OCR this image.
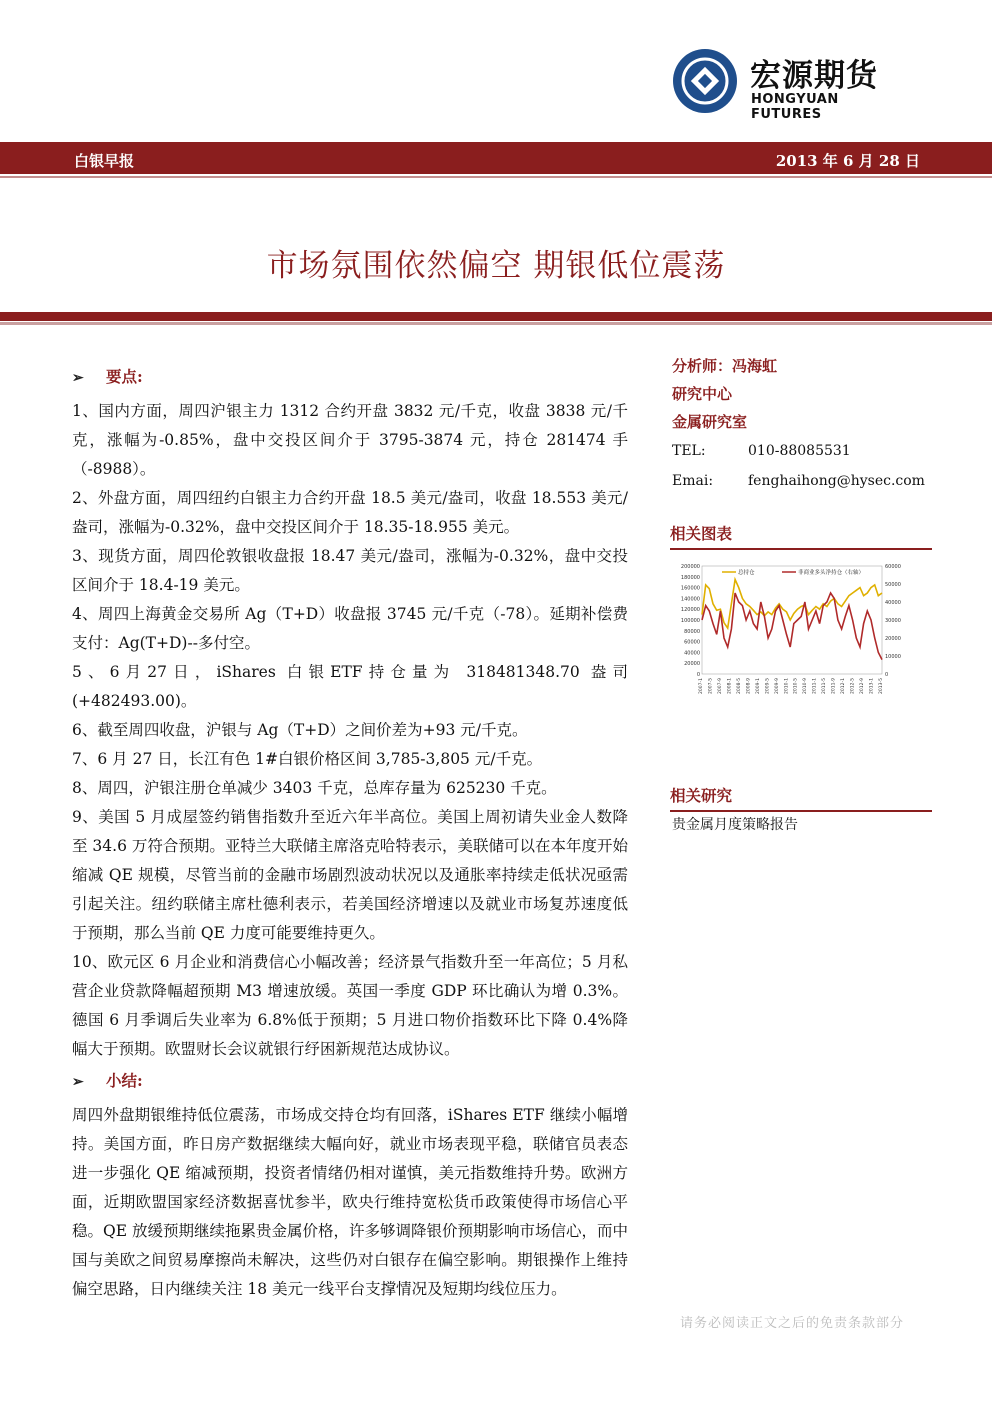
宏源期货
HONGYUAN FUTURES
白银早报	2013 年 6 月 28 日
市场氛围依然偏空 期银低位震荡
➢ 要点:

1、国内方面，周四沪银主力 1312 合约开盘 3832 元/千克，收盘 3838 元/千克，涨幅为-0.85%，盘中交投区间介于 3795-3874 元，持仓 281474 手（-8988）。

2、外盘方面，周四纽约白银主力合约开盘 18.5 美元/盎司，收盘 18.553 美元/盎司，涨幅为-0.32%，盘中交投区间介于 18.35-18.955 美元。

3、现货方面，周四伦敦银收盘报 18.47 美元/盎司，涨幅为-0.32%，盘中交投区间介于 18.4-19 美元。

4、周四上海黄金交易所 Ag（T+D）收盘报 3745 元/千克（-78）。延期补偿费支付：Ag(T+D)--多付空。

5、6月27日，iShares 白银ETF持仓量为 318481348.70 盎司(+482493.00)。

6、截至周四收盘，沪银与 Ag（T+D）之间价差为+93 元/千克。

7、6 月 27 日，长江有色 1#白银价格区间 3,785-3,805 元/千克。

8、周四，沪银注册仓单减少 3403 千克，总库存量为 625230 千克。

9、美国 5 月成屋签约销售指数升至近六年半高位。美国上周初请失业金人数降至 34.6 万符合预期。亚特兰大联储主席洛克哈特表示，美联储可以在本年度开始缩减 QE 规模，尽管当前的金融市场剧烈波动状况以及通胀率持续走低状况亟需引起关注。纽约联储主席杜德利表示，若美国经济增速以及就业市场复苏速度低于预期，那么当前 QE 力度可能要维持更久。

10、欧元区 6 月企业和消费信心小幅改善；经济景气指数升至一年高位；5 月私营企业贷款降幅超预期 M3 增速放缓。英国一季度 GDP 环比确认为增 0.3%。德国 6 月季调后失业率为 6.8%低于预期；5 月进口物价指数环比下降 0.4%降幅大于预期。欧盟财长会议就银行纾困新规范达成协议。

➢ 小结:

周四外盘期银维持低位震荡，市场成交持仓均有回落，iShares ETF 继续小幅增持。美国方面，昨日房产数据继续大幅向好，就业市场表现平稳，联储官员表态进一步强化 QE 缩减预期，投资者情绪仍相对谨慎，美元指数维持升势。欧洲方面，近期欧盟国家经济数据喜忧参半，欧央行维持宽松货币政策使得市场信心平稳。QE 放缓预期继续拖累贵金属价格，许多够调降银价预期影响市场信心，而中国与美欧之间贸易摩擦尚未解决，这些仍对白银存在偏空影响。期银操作上维持偏空思路，日内继续关注 18 美元一线平台支撑情况及短期均线位压力。

分析师：冯海虹
研究中心
金属研究室
TEL:	010-88085531
Emai: fenghaihong@hysec.com
相关图表
0
20000
40000
60000
80000
100000
120000
140000
160000
180000
200000
0
10000
20000
30000
40000
50000
60000
2007-1 2007-5 2007-9 2008-1 2008-5 2008-9 2009-1 2009-5 2009-9 2010-1 2010-5 2010-9 2011-1 2011-5 2011-9 2012-1 2012-5 2012-9 2013-1 2013-5
总持仓	非商业多头净持仓（右轴）
相关研究
贵金属月度策略报告
请务必阅读正文之后的免责条款部分
